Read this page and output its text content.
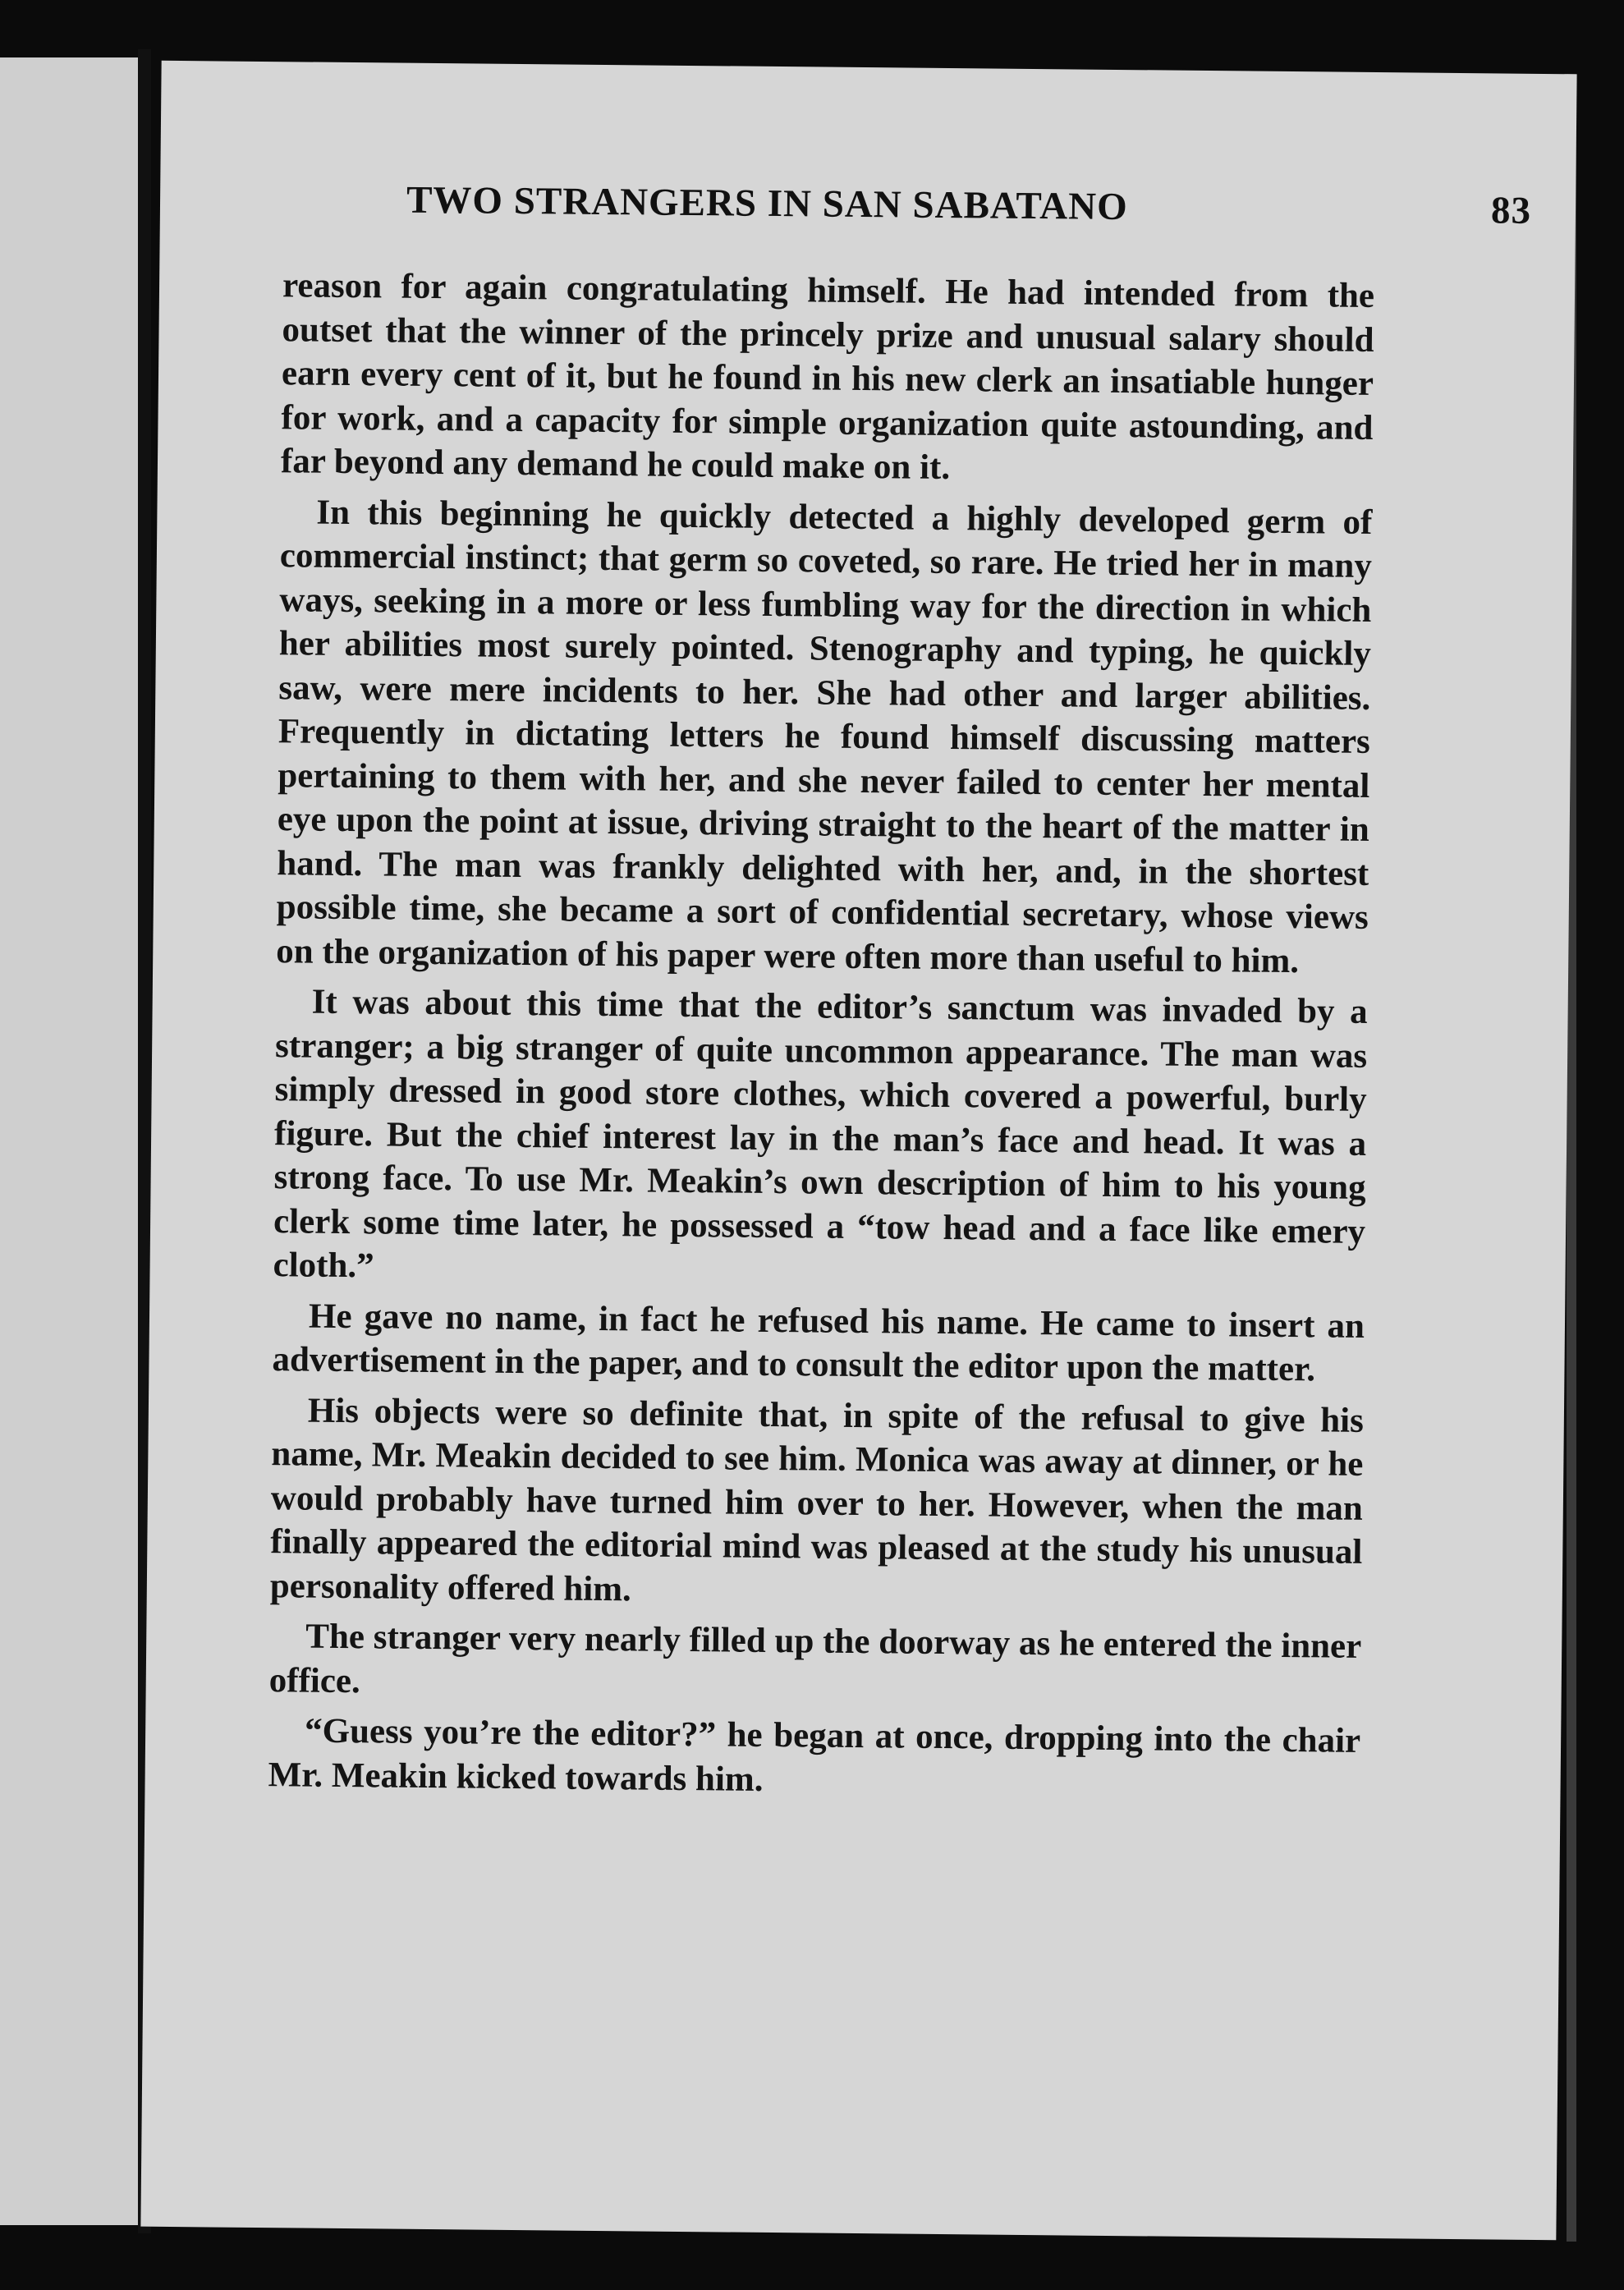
TWO STRANGERS IN SAN SABATANO	83

reason for again congratulating himself. He had intended from the outset that the winner of the princely prize and unusual salary should earn every cent of it, but he found in his new clerk an insatiable hunger for work, and a capacity for simple organization quite astounding, and far beyond any demand he could make on it.

In this beginning he quickly detected a highly developed germ of commercial instinct; that germ so coveted, so rare. He tried her in many ways, seeking in a more or less fumbling way for the direction in which her abilities most surely pointed. Stenography and typing, he quickly saw, were mere incidents to her. She had other and larger abilities. Frequently in dictating letters he found himself discussing matters pertaining to them with her, and she never failed to center her mental eye upon the point at issue, driving straight to the heart of the matter in hand. The man was frankly delighted with her, and, in the shortest possible time, she became a sort of confidential secretary, whose views on the organization of his paper were often more than useful to him.

It was about this time that the editor’s sanctum was invaded by a stranger; a big stranger of quite uncommon appearance. The man was simply dressed in good store clothes, which covered a powerful, burly figure. But the chief interest lay in the man’s face and head. It was a strong face. To use Mr. Meakin’s own description of him to his young clerk some time later, he possessed a “tow head and a face like emery cloth.”

He gave no name, in fact he refused his name. He came to insert an advertisement in the paper, and to consult the editor upon the matter.

His objects were so definite that, in spite of the refusal to give his name, Mr. Meakin decided to see him. Monica was away at dinner, or he would probably have turned him over to her. However, when the man finally appeared the editorial mind was pleased at the study his unusual personality offered him.

The stranger very nearly filled up the doorway as he entered the inner office.

“Guess you’re the editor?” he began at once, dropping into the chair Mr. Meakin kicked towards him.
